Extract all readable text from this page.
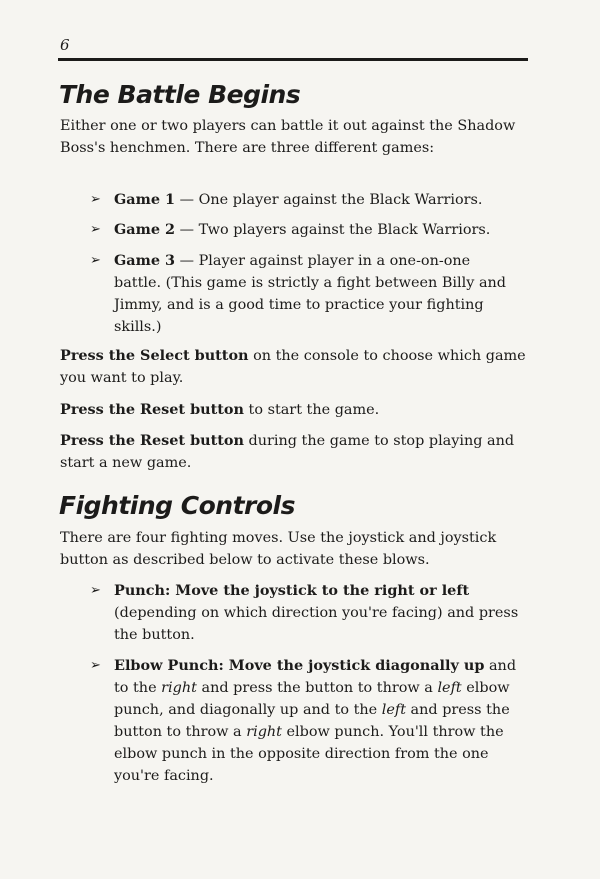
6
The Battle Begins

Either one or two players can battle it out against the Shadow Boss's henchmen. There are three different games:

➢ Game 1 — One player against the Black Warriors.
➢ Game 2 — Two players against the Black Warriors.
➢ Game 3 — Player against player in a one-on-one battle. (This game is strictly a fight between Billy and Jimmy, and is a good time to practice your fighting skills.)

Press the Select button on the console to choose which game you want to play.

Press the Reset button to start the game.

Press the Reset button during the game to stop playing and start a new game.

Fighting Controls

There are four fighting moves. Use the joystick and joystick button as described below to activate these blows.

➢ Punch: Move the joystick to the right or left (depending on which direction you're facing) and press the button.
➢ Elbow Punch: Move the joystick diagonally up and to the right and press the button to throw a left elbow punch, and diagonally up and to the left and press the button to throw a right elbow punch. You'll throw the elbow punch in the opposite direction from the one you're facing.
